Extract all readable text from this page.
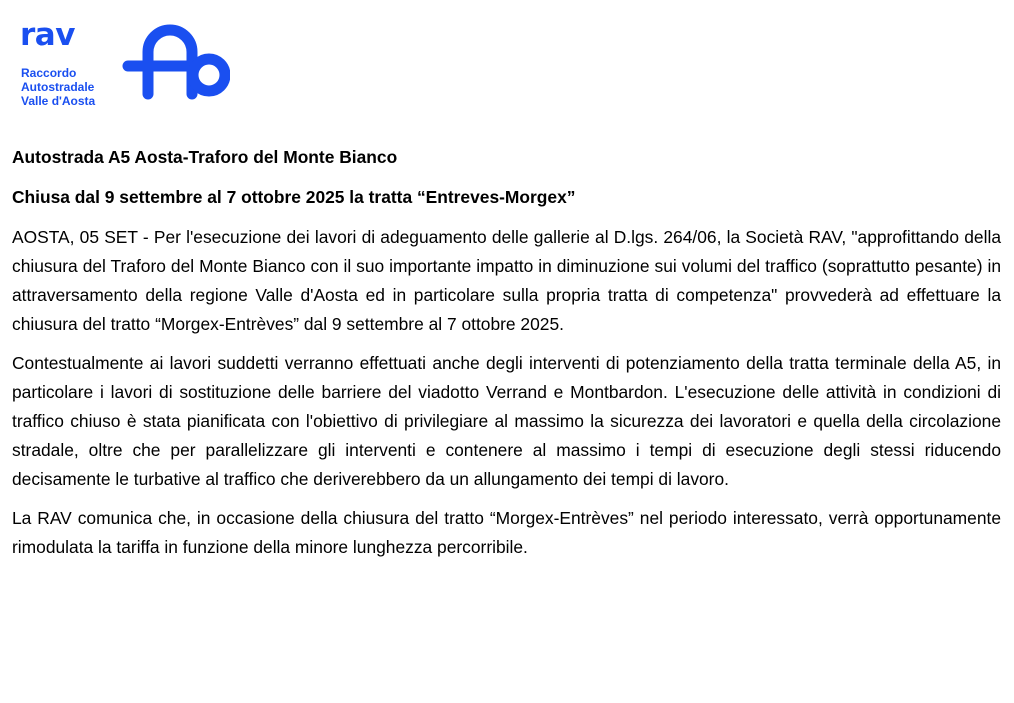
rav
Raccordo
Autostradale
Valle d'Aosta

Autostrada A5 Aosta-Traforo del Monte Bianco

Chiusa dal 9 settembre al 7 ottobre 2025 la tratta “Entreves-Morgex”

AOSTA, 05 SET - Per l'esecuzione dei lavori di adeguamento delle gallerie al D.lgs. 264/06, la Società RAV, "approfittando della chiusura del Traforo del Monte Bianco con il suo importante impatto in diminuzione sui volumi del traffico (soprattutto pesante) in attraversamento della regione Valle d'Aosta ed in particolare sulla propria tratta di competenza" provvederà ad effettuare la chiusura del tratto “Morgex-Entrèves” dal 9 settembre al 7 ottobre 2025.

Contestualmente ai lavori suddetti verranno effettuati anche degli interventi di potenziamento della tratta terminale della A5, in particolare i lavori di sostituzione delle barriere del viadotto Verrand e Montbardon. L'esecuzione delle attività in condizioni di traffico chiuso è stata pianificata con l'obiettivo di privilegiare al massimo la sicurezza dei lavoratori e quella della circolazione stradale, oltre che per parallelizzare gli interventi e contenere al massimo i tempi di esecuzione degli stessi riducendo decisamente le turbative al traffico che deriverebbero da un allungamento dei tempi di lavoro.

La RAV comunica che, in occasione della chiusura del tratto “Morgex-Entrèves” nel periodo interessato, verrà opportunamente rimodulata la tariffa in funzione della minore lunghezza percorribile.
